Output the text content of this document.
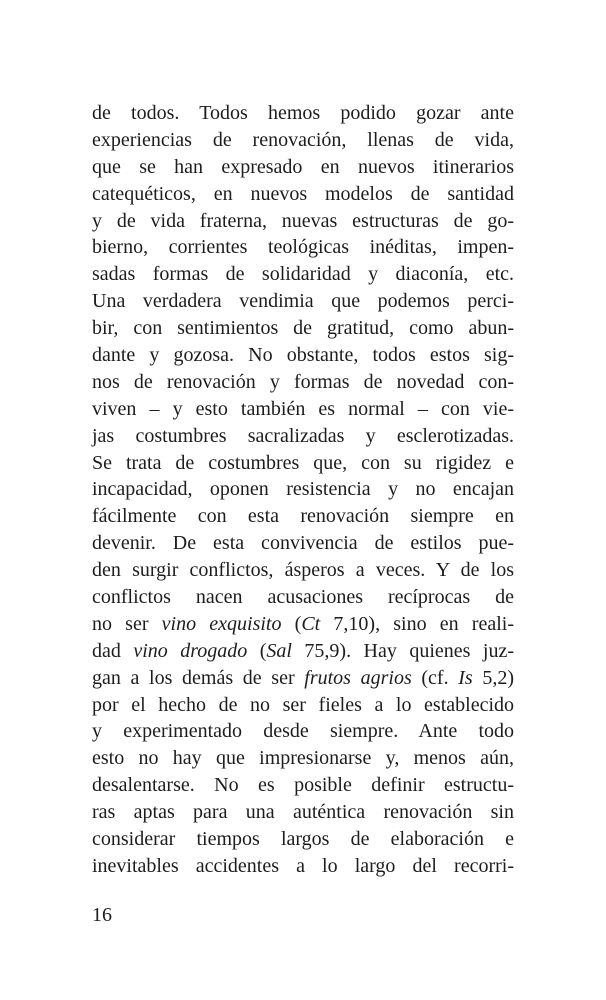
de todos. Todos hemos podido gozar ante
experiencias de renovación, llenas de vida,
que se han expresado en nuevos itinerarios
catequéticos, en nuevos modelos de santidad
y de vida fraterna, nuevas estructuras de go-
bierno, corrientes teológicas inéditas, impen-
sadas formas de solidaridad y diaconía, etc.
Una verdadera vendimia que podemos perci-
bir, con sentimientos de gratitud, como abun-
dante y gozosa. No obstante, todos estos sig-
nos de renovación y formas de novedad con-
viven – y esto también es normal – con vie-
jas costumbres sacralizadas y esclerotizadas.
Se trata de costumbres que, con su rigidez e
incapacidad, oponen resistencia y no encajan
fácilmente con esta renovación siempre en
devenir. De esta convivencia de estilos pue-
den surgir conflictos, ásperos a veces. Y de los
conflictos nacen acusaciones recíprocas de
no ser vino exquisito (Ct 7,10), sino en reali-
dad vino drogado (Sal 75,9). Hay quienes juz-
gan a los demás de ser frutos agrios (cf. Is 5,2)
por el hecho de no ser fieles a lo establecido
y experimentado desde siempre. Ante todo
esto no hay que impresionarse y, menos aún,
desalentarse. No es posible definir estructu-
ras aptas para una auténtica renovación sin
considerar tiempos largos de elaboración e
inevitables accidentes a lo largo del recorri-
16
